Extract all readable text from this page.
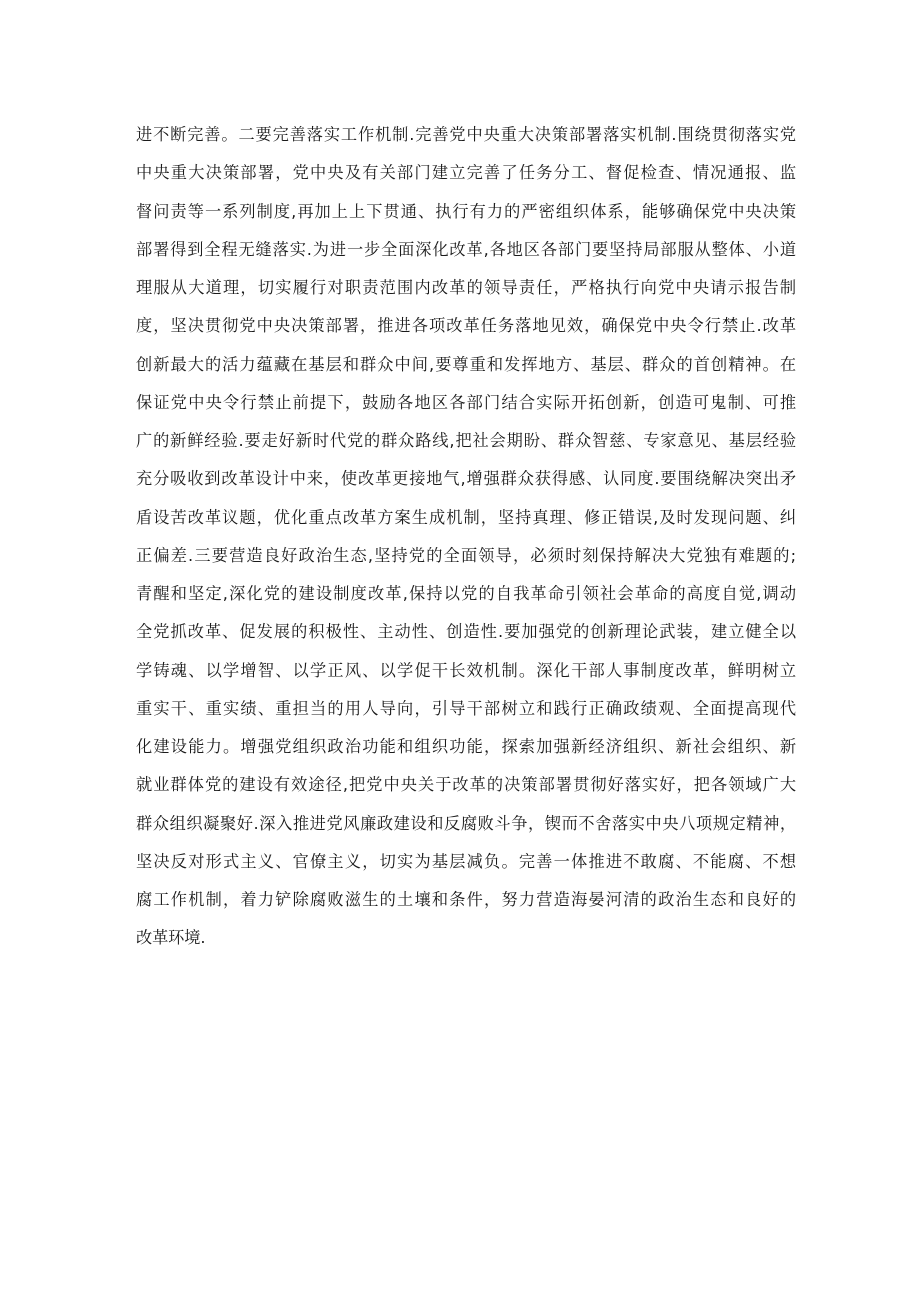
进不断完善。二要完善落实工作机制.完善党中央重大决策部署落实机制.围绕贯彻落实党
中央重大决策部署，党中央及有关部门建立完善了任务分工、督促检查、情况通报、监
督问责等一系列制度,再加上上下贯通、执行有力的严密组织体系，能够确保党中央决策
部署得到全程无缝落实.为进一步全面深化改革,各地区各部门要坚持局部服从整体、小道
理服从大道理，切实履行对职责范围内改革的领导责任，严格执行向党中央请示报告制
度，坚决贯彻党中央决策部署，推进各项改革任务落地见效，确保党中央令行禁止.改革
创新最大的活力蕴藏在基层和群众中间,要尊重和发挥地方、基层、群众的首创精神。在
保证党中央令行禁止前提下，鼓励各地区各部门结合实际开拓创新，创造可鬼制、可推
广的新鲜经验.要走好新时代党的群众路线,把社会期盼、群众智慈、专家意见、基层经验
充分吸收到改革设计中来，使改革更接地气,增强群众获得感、认同度.要围绕解决突出矛
盾设苦改革议题，优化重点改革方案生成机制，坚持真理、修正错误,及时发现问题、纠
正偏差.三要营造良好政治生态,坚持党的全面领导，必须时刻保持解决大党独有难题的;
青醒和坚定,深化党的建设制度改革,保持以党的自我革命引领社会革命的高度自觉,调动
全党抓改革、促发展的积极性、主动性、创造性.要加强党的创新理论武装，建立健全以
学铸魂、以学增智、以学正风、以学促干长效机制。深化干部人事制度改革，鲜明树立
重实干、重实绩、重担当的用人导向，引导干部树立和践行正确政绩观、全面提高现代
化建设能力。增强党组织政治功能和组织功能，探索加强新经济组织、新社会组织、新
就业群体党的建设有效途径,把党中央关于改革的决策部署贯彻好落实好，把各领域广大
群众组织凝聚好.深入推进党风廉政建设和反腐败斗争，锲而不舍落实中央八项规定精神，
坚决反对形式主义、官僚主义，切实为基层减负。完善一体推进不敢腐、不能腐、不想
腐工作机制，着力铲除腐败滋生的土壤和条件，努力营造海晏河清的政治生态和良好的
改革环境.
